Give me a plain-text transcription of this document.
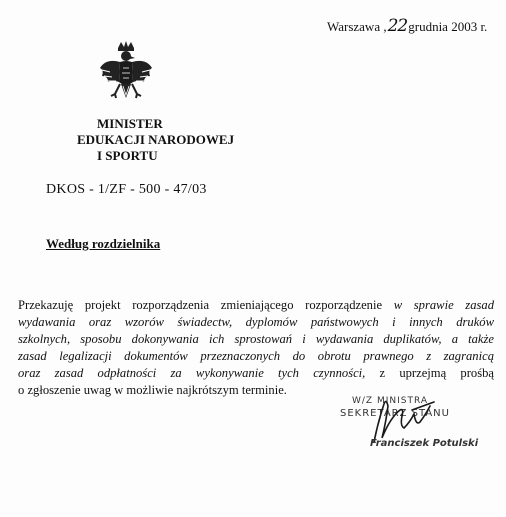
Warszawa ,22grudnia 2003 r.
MINISTER
EDUKACJI NARODOWEJ
I SPORTU
DKOS - 1/ZF - 500 - 47/03
Według rozdzielnika
Przekazuję projekt rozporządzenia zmieniającego rozporządzenie w sprawie zasad
wydawania oraz wzorów świadectw, dyplomów państwowych i innych druków
szkolnych, sposobu dokonywania ich sprostowań i wydawania duplikatów, a także
zasad legalizacji dokumentów przeznaczonych do obrotu prawnego z zagranicą
oraz zasad odpłatności za wykonywanie tych czynności, z uprzejmą prośbą
o zgłoszenie uwag w możliwie najkrótszym terminie.
W/Z MINISTRA
SEKRETARZ STANU
Franciszek Potulski
